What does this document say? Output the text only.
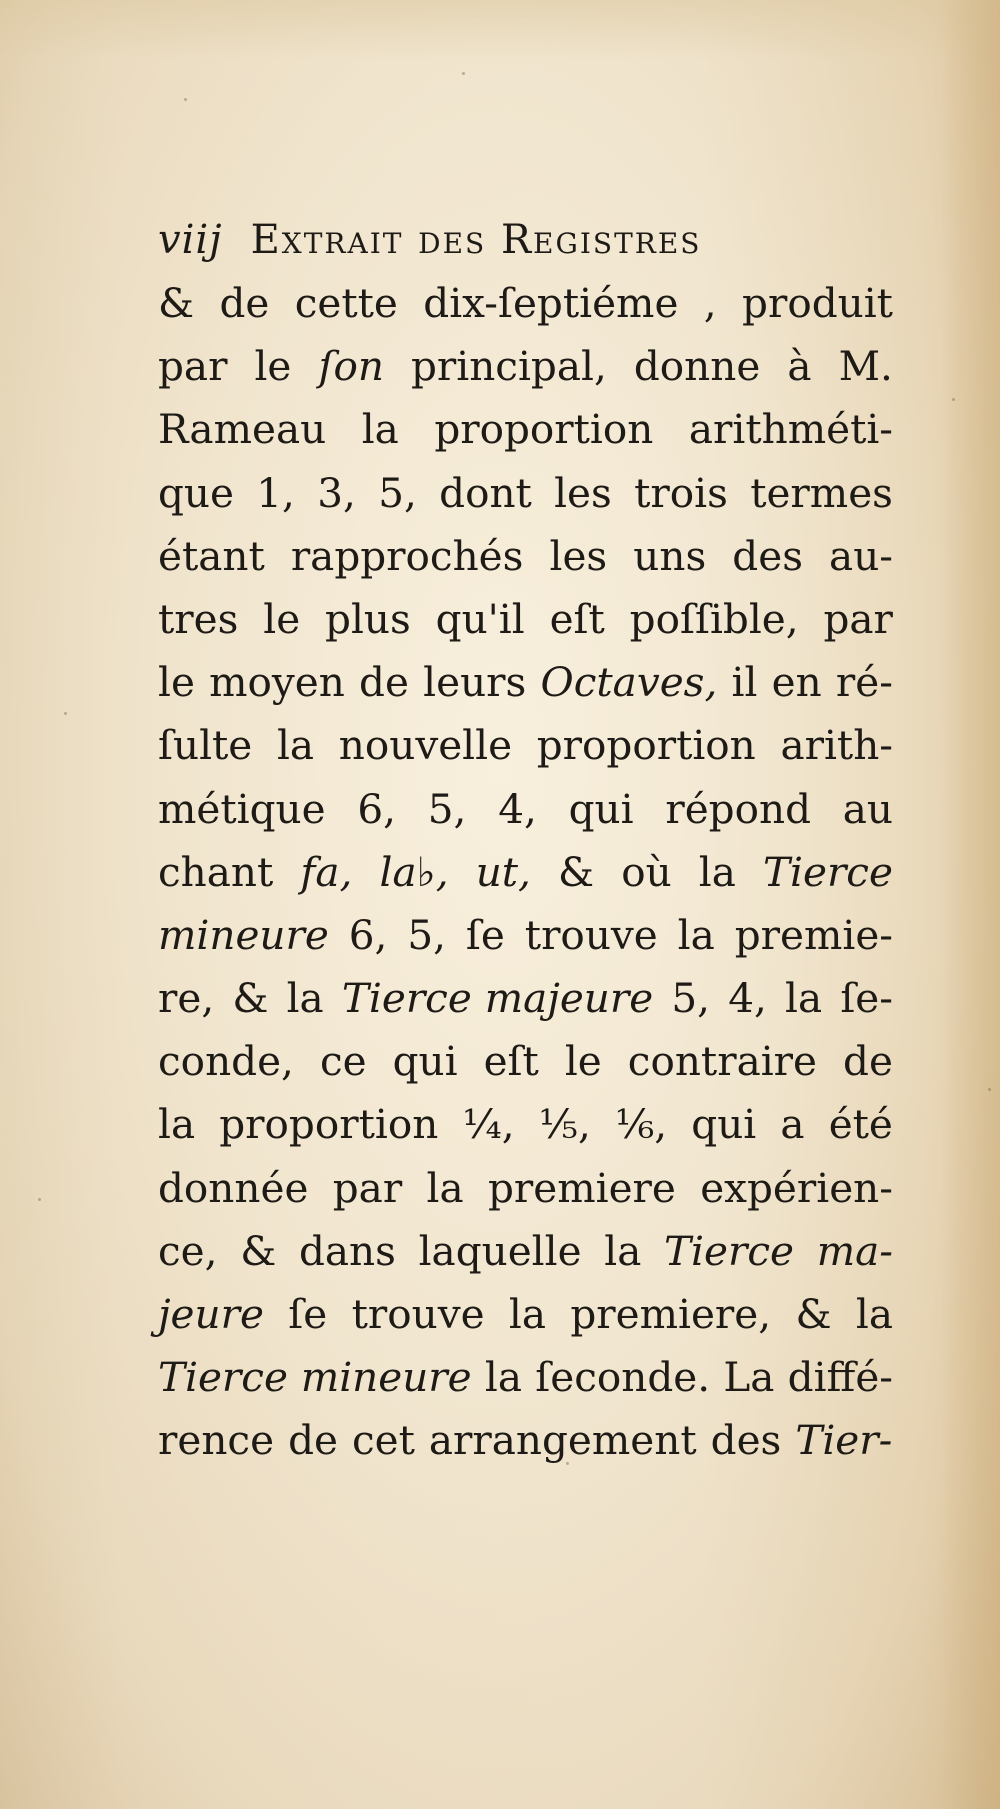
viij Extrait des Registres
& de cette dix-ſeptiéme , produit
par le ſon principal, donne à M.
Rameau la proportion arithméti-
que 1, 3, 5, dont les trois termes
étant rapprochés les uns des au-
tres le plus qu'il eſt poſſible, par
le moyen de leurs Octaves, il en ré-
ſulte la nouvelle proportion arith-
métique 6, 5, 4, qui répond au
chant fa, la♭, ut, & où la Tierce
mineure 6, 5, ſe trouve la premie-
re, & la Tierce majeure 5, 4, la ſe-
conde, ce qui eſt le contraire de
la proportion ¼, ⅕, ⅙, qui a été
donnée par la premiere expérien-
ce, & dans laquelle la Tierce ma-
jeure ſe trouve la premiere, & la
Tierce mineure la ſeconde. La diffé-
rence de cet arrangement des Tier-
